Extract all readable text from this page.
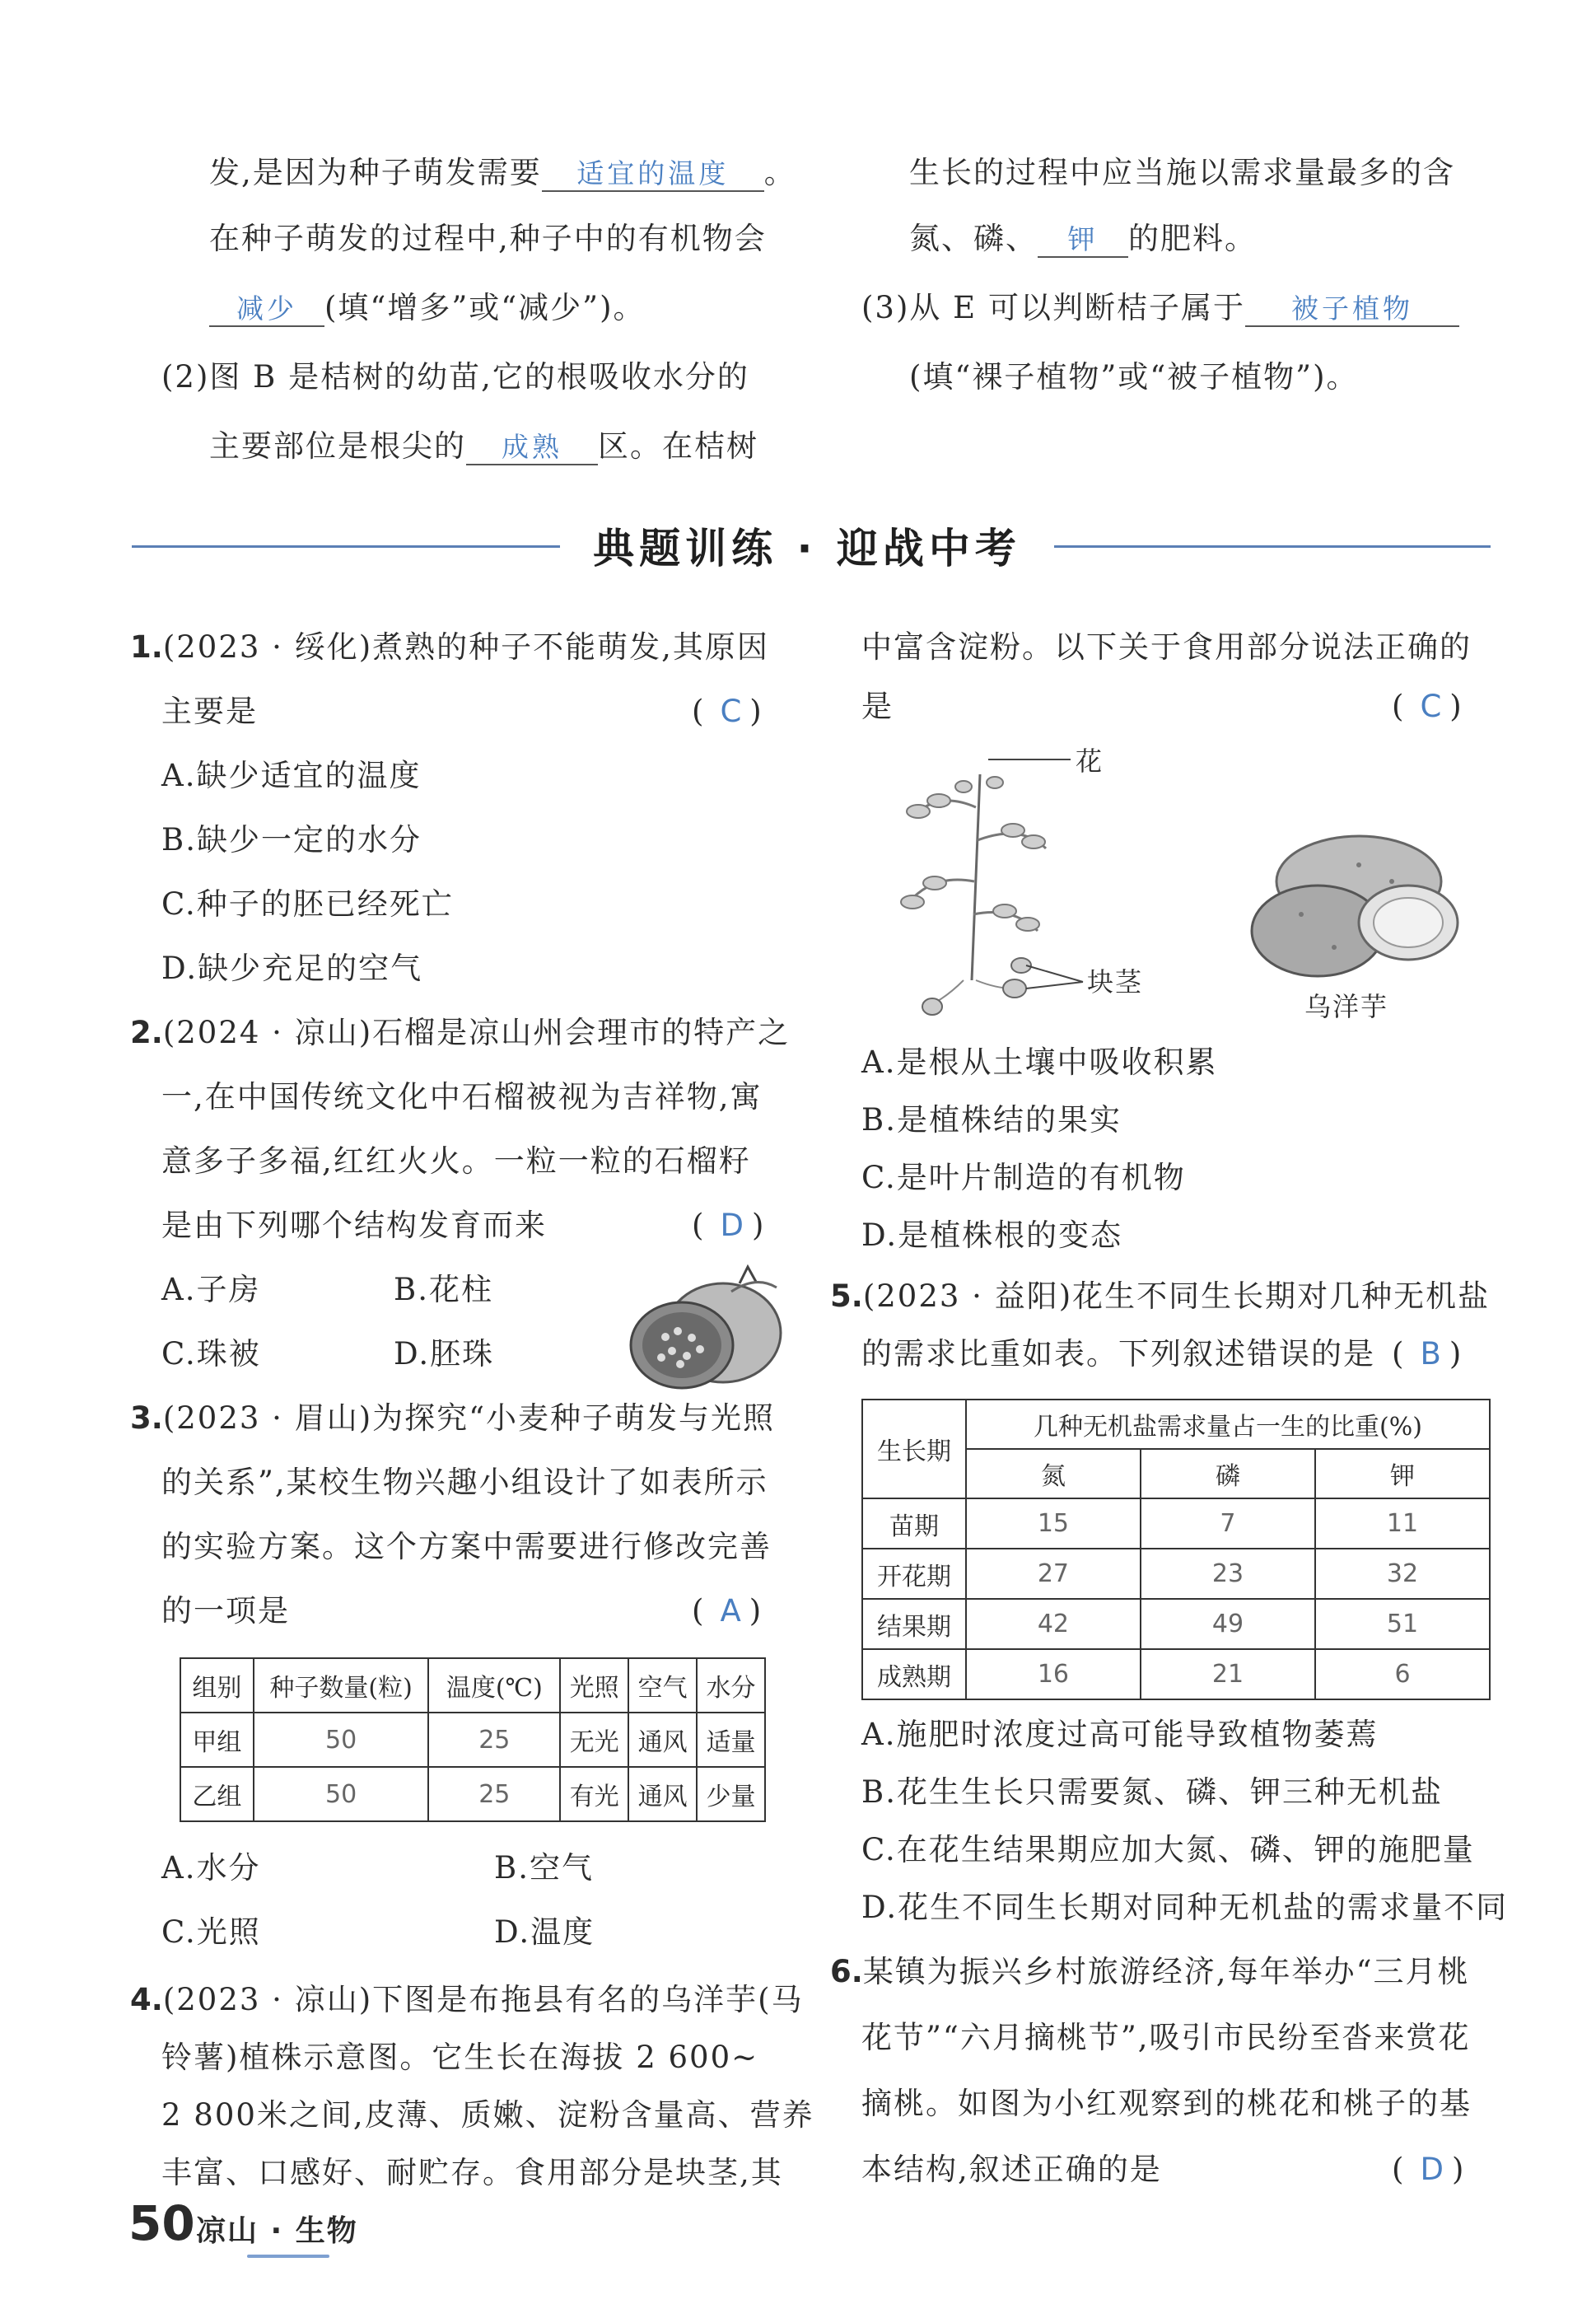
发,是因为种子萌发需要 适宜的温度 。
在种子萌发的过程中,种子中的有机物会
减少 (填“增多”或“减少”)。
(2)图 B 是桔树的幼苗,它的根吸收水分的
主要部位是根尖的 成熟 区。在桔树
生长的过程中应当施以需求量最多的含
氮、磷、 钾 的肥料。
(3)从 E 可以判断桔子属于 被子植物
(填“裸子植物”或“被子植物”)。
典题训练 · 迎战中考
1.(2023 · 绥化)煮熟的种子不能萌发,其原因
主要是	( C )
A.缺少适宜的温度
B.缺少一定的水分
C.种子的胚已经死亡
D.缺少充足的空气
2.(2024 · 凉山)石榴是凉山州会理市的特产之
一,在中国传统文化中石榴被视为吉祥物,寓
意多子多福,红红火火。一粒一粒的石榴籽
是由下列哪个结构发育而来	( D )
A.子房	B.花柱
C.珠被	D.胚珠
3.(2023 · 眉山)为探究“小麦种子萌发与光照
的关系”,某校生物兴趣小组设计了如表所示
的实验方案。这个方案中需要进行修改完善
的一项是	( A )
组别	种子数量(粒)	温度(℃)	光照	空气	水分
甲组	50	25	无光	通风	适量
乙组	50	25	有光	通风	少量
A.水分	B.空气
C.光照	D.温度
4.(2023 · 凉山)下图是布拖县有名的乌洋芋(马
铃薯)植株示意图。它生长在海拔 2 600~
2 800米之间,皮薄、质嫩、淀粉含量高、营养
丰富、口感好、耐贮存。食用部分是块茎,其
中富含淀粉。以下关于食用部分说法正确的
是	( C )
花
块茎
乌洋芋
A.是根从土壤中吸收积累
B.是植株结的果实
C.是叶片制造的有机物
D.是植株根的变态
5.(2023 · 益阳)花生不同生长期对几种无机盐
的需求比重如表。下列叙述错误的是 ( B )
生长期	几种无机盐需求量占一生的比重(%)		
	氮	磷	钾
苗期	15	7	11
开花期	27	23	32
结果期	42	49	51
成熟期	16	21	6
A.施肥时浓度过高可能导致植物萎蔫
B.花生生长只需要氮、磷、钾三种无机盐
C.在花生结果期应加大氮、磷、钾的施肥量
D.花生不同生长期对同种无机盐的需求量不同
6.某镇为振兴乡村旅游经济,每年举办“三月桃
花节”“六月摘桃节”,吸引市民纷至沓来赏花
摘桃。如图为小红观察到的桃花和桃子的基
本结构,叙述正确的是	( D )
50 凉山 · 生物
